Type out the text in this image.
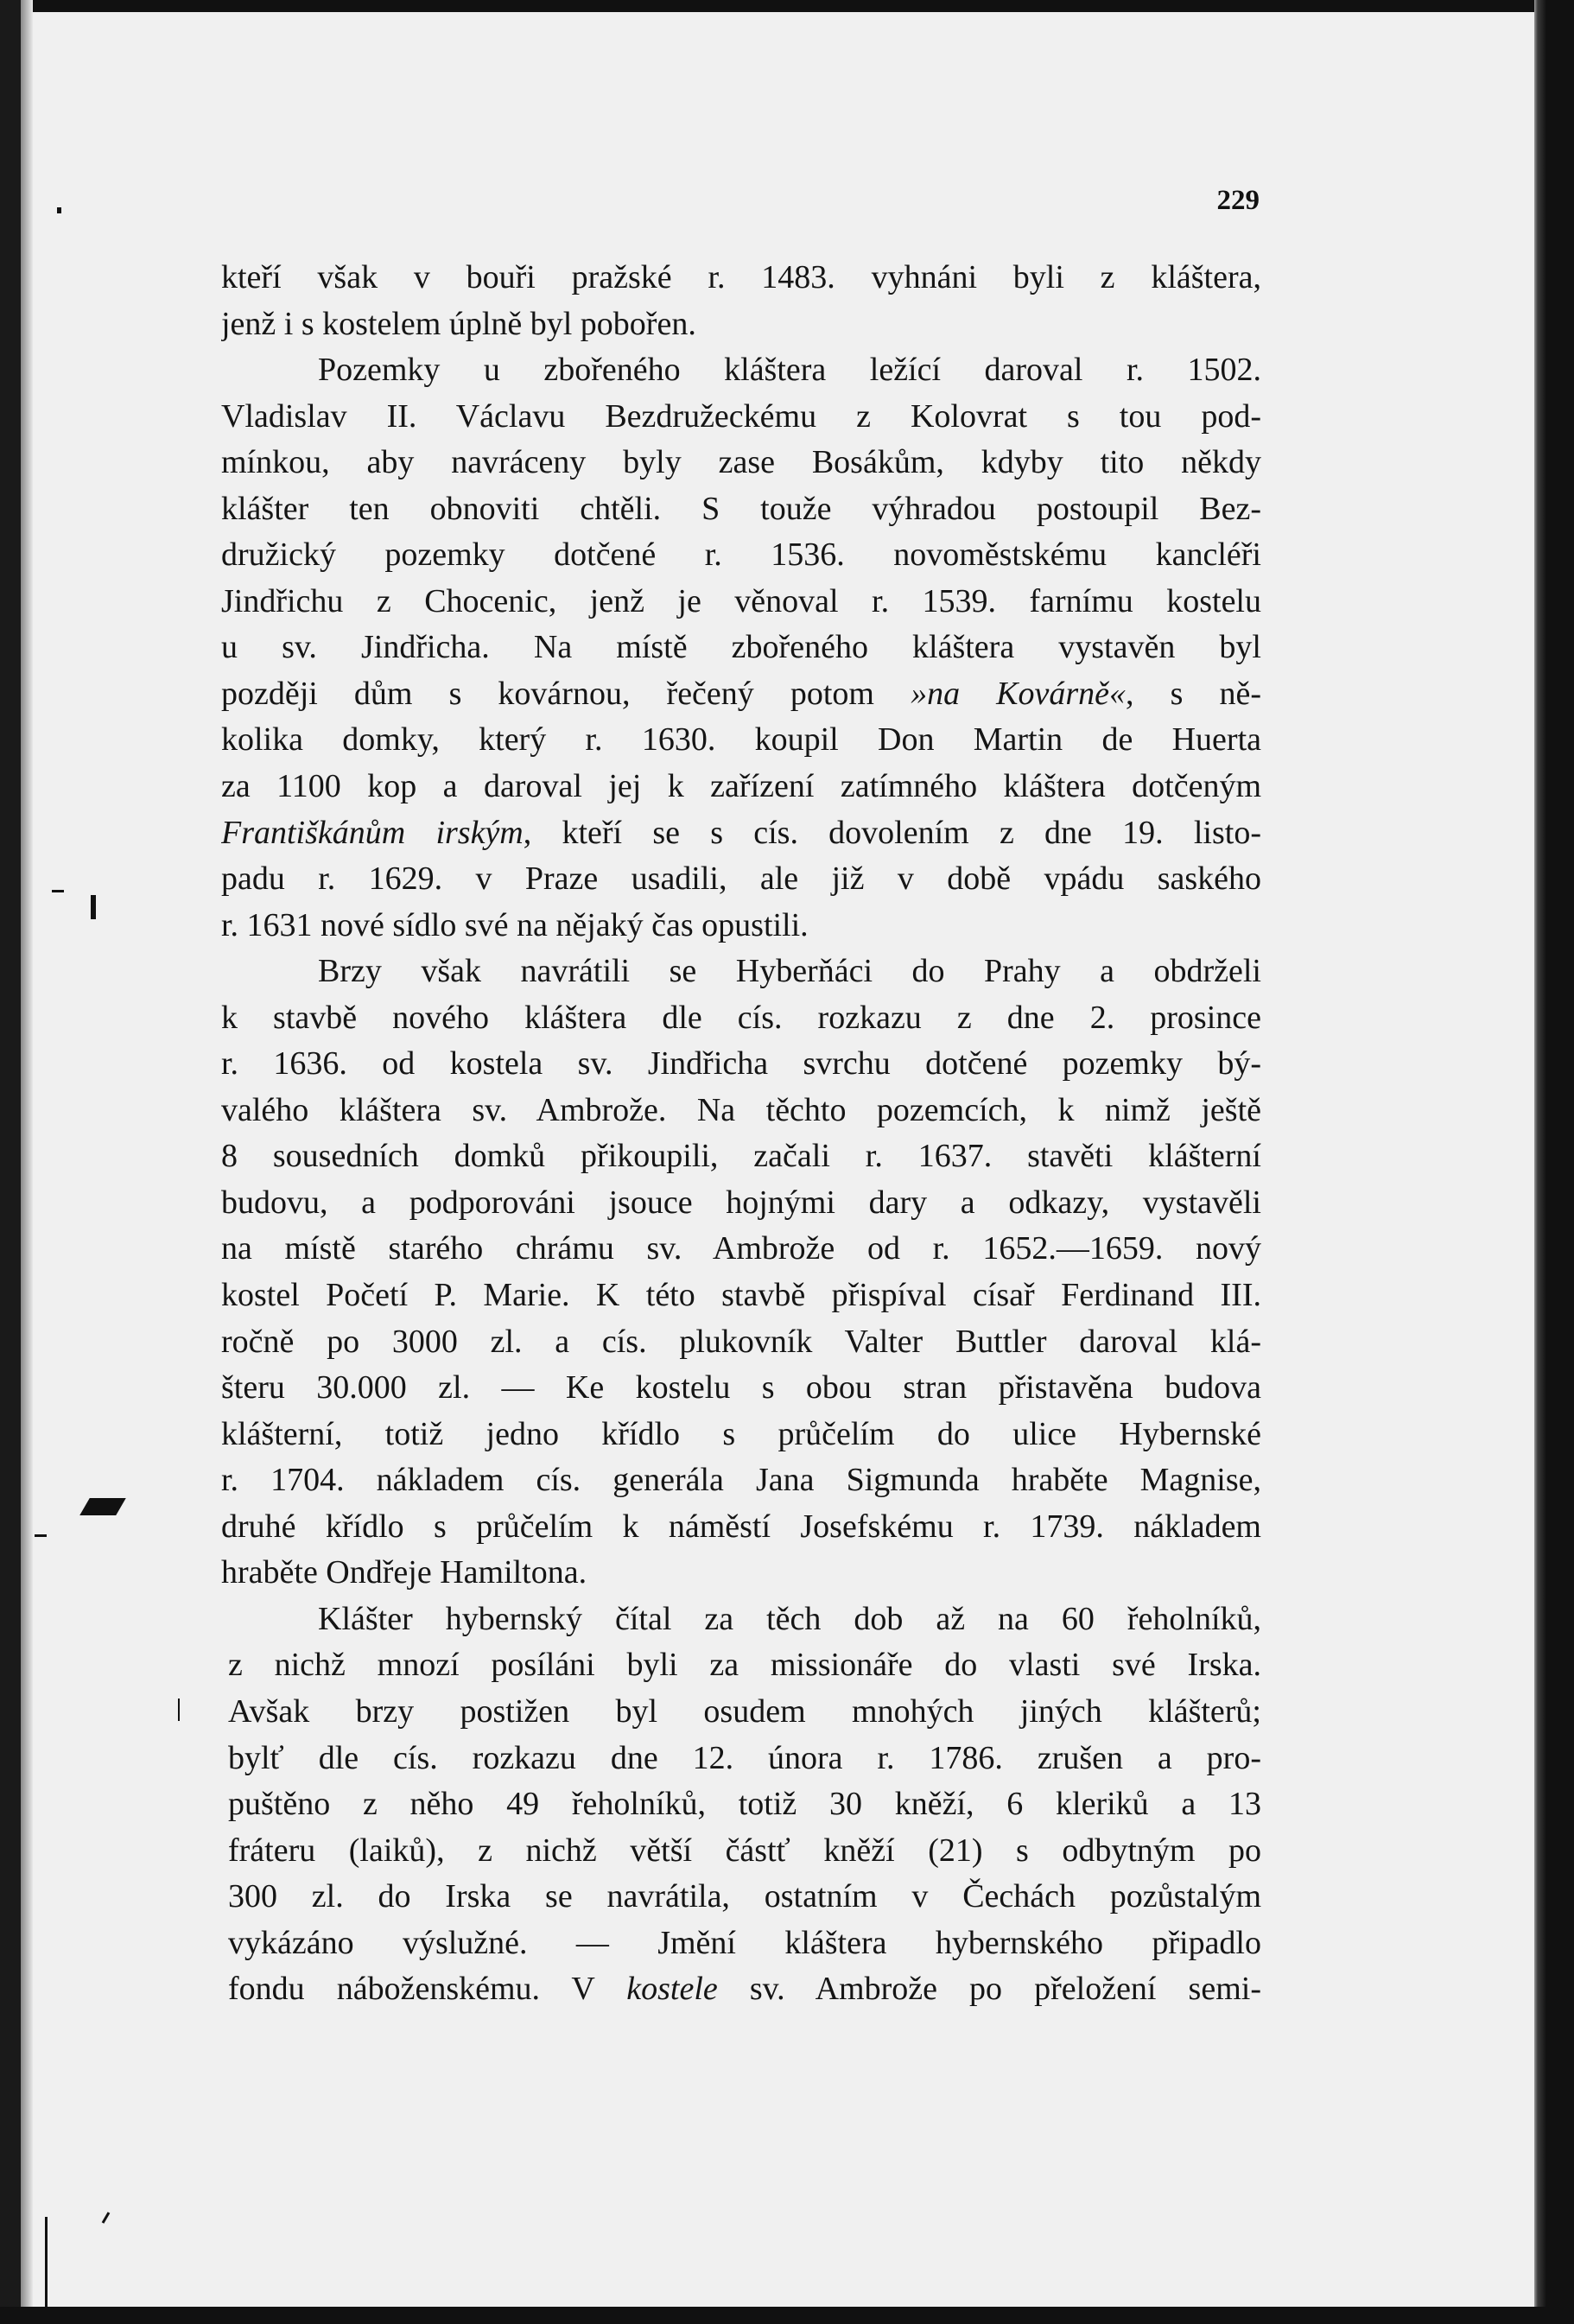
229
kteří však v bouři pražské r. 1483. vyhnáni byli z kláštera,
jenž i s kostelem úplně byl pobořen.
Pozemky u zbořeného kláštera ležící daroval r. 1502.
Vladislav II. Václavu Bezdružeckému z Kolovrat s tou pod-
mínkou, aby navráceny byly zase Bosákům, kdyby tito někdy
klášter ten obnoviti chtěli. S touže výhradou postoupil Bez-
družický pozemky dotčené r. 1536. novoměstskému kancléři
Jindřichu z Chocenic, jenž je věnoval r. 1539. farnímu kostelu
u sv. Jindřicha. Na místě zbořeného kláštera vystavěn byl
později dům s kovárnou, řečený potom »na Kovárně«, s ně-
kolika domky, který r. 1630. koupil Don Martin de Huerta
za 1100 kop a daroval jej k zařízení zatímného kláštera dotčeným
Františkánům irským, kteří se s cís. dovolením z dne 19. listo-
padu r. 1629. v Praze usadili, ale již v době vpádu saského
r. 1631 nové sídlo své na nějaký čas opustili.
Brzy však navrátili se Hyberňáci do Prahy a obdrželi
k stavbě nového kláštera dle cís. rozkazu z dne 2. prosince
r. 1636. od kostela sv. Jindřicha svrchu dotčené pozemky bý-
valého kláštera sv. Ambrože. Na těchto pozemcích, k nimž ještě
8 sousedních domků přikoupili, začali r. 1637. stavěti klášterní
budovu, a podporováni jsouce hojnými dary a odkazy, vystavěli
na místě starého chrámu sv. Ambrože od r. 1652.—1659. nový
kostel Početí P. Marie. K této stavbě přispíval císař Ferdinand III.
ročně po 3000 zl. a cís. plukovník Valter Buttler daroval klá-
šteru 30.000 zl. — Ke kostelu s obou stran přistavěna budova
klášterní, totiž jedno křídlo s průčelím do ulice Hybernské
r. 1704. nákladem cís. generála Jana Sigmunda hraběte Magnise,
druhé křídlo s průčelím k náměstí Josefskému r. 1739. nákladem
hraběte Ondřeje Hamiltona.
Klášter hybernský čítal za těch dob až na 60 řeholníků,
z nichž mnozí posíláni byli za missionáře do vlasti své Irska.
Avšak brzy postižen byl osudem mnohých jiných klášterů;
bylť dle cís. rozkazu dne 12. února r. 1786. zrušen a pro-
puštěno z něho 49 řeholníků, totiž 30 kněží, 6 kleriků a 13
fráteru (laiků), z nichž větší částť kněží (21) s odbytným po
300 zl. do Irska se navrátila, ostatním v Čechách pozůstalým
vykázáno výslužné. — Jmění kláštera hybernského připadlo
fondu náboženskému. V kostele sv. Ambrože po přeložení semi-
